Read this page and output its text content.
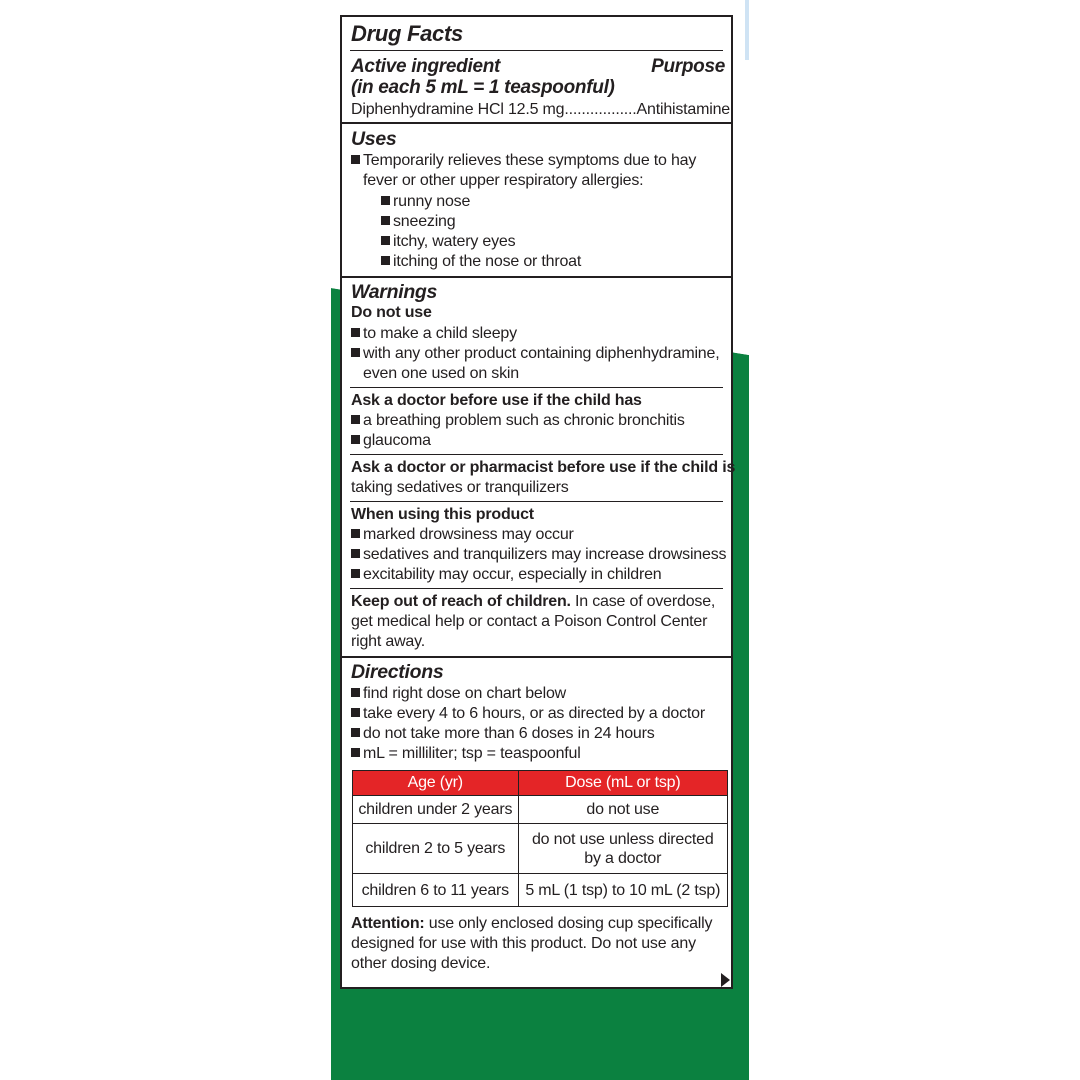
Drug Facts
Active ingredient	Purpose
(in each 5 mL = 1 teaspoonful)
Diphenhydramine HCl 12.5 mg.................Antihistamine
Uses
Temporarily relieves these symptoms due to hay
fever or other upper respiratory allergies:
runny nose
sneezing
itchy, watery eyes
itching of the nose or throat
Warnings
Do not use
to make a child sleepy
with any other product containing diphenhydramine,
even one used on skin
Ask a doctor before use if the child has
a breathing problem such as chronic bronchitis
glaucoma
Ask a doctor or pharmacist before use if the child is
taking sedatives or tranquilizers
When using this product
marked drowsiness may occur
sedatives and tranquilizers may increase drowsiness
excitability may occur, especially in children
Keep out of reach of children. In case of overdose,
get medical help or contact a Poison Control Center
right away.
Directions
find right dose on chart below
take every 4 to 6 hours, or as directed by a doctor
do not take more than 6 doses in 24 hours
mL = milliliter; tsp = teaspoonful
Age (yr)	Dose (mL or tsp)
children under 2 years	do not use
children 2 to 5 years	do not use unless directed
by a doctor

children 6 to 11 years	5 mL (1 tsp) to 10 mL (2 tsp)
Attention: use only enclosed dosing cup specifically
designed for use with this product. Do not use any
other dosing device.
